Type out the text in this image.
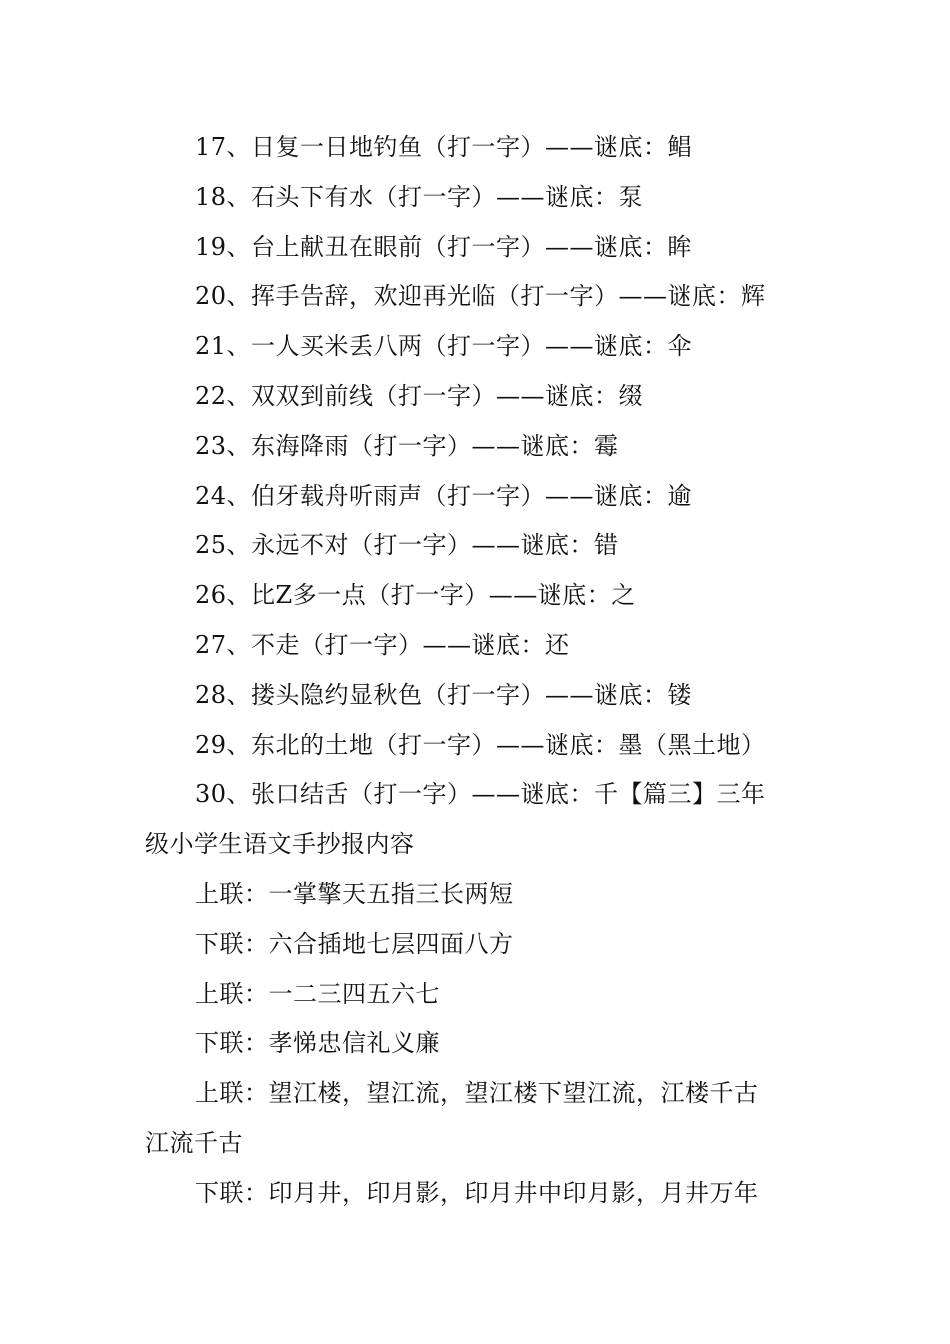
17、日复一日地钓鱼（打一字）——谜底：鲳
18、石头下有水（打一字）——谜底：泵
19、台上献丑在眼前（打一字）——谜底：眸
20、挥手告辞，欢迎再光临（打一字）——谜底：辉
21、一人买米丢八两（打一字）——谜底：伞
22、双双到前线（打一字）——谜底：缀
23、东海降雨（打一字）——谜底：霉
24、伯牙载舟听雨声（打一字）——谜底：逾
25、永远不对（打一字）——谜底：错
26、比Z多一点（打一字）——谜底：之
27、不走（打一字）——谜底：还
28、搂头隐约显秋色（打一字）——谜底：镂
29、东北的土地（打一字）——谜底：墨（黑土地）
30、张口结舌（打一字）——谜底：千【篇三】三年
级小学生语文手抄报内容
上联：一掌擎天五指三长两短
下联：六合插地七层四面八方
上联：一二三四五六七
下联：孝悌忠信礼义廉
上联：望江楼，望江流，望江楼下望江流，江楼千古
江流千古
下联：印月井，印月影，印月井中印月影，月井万年
